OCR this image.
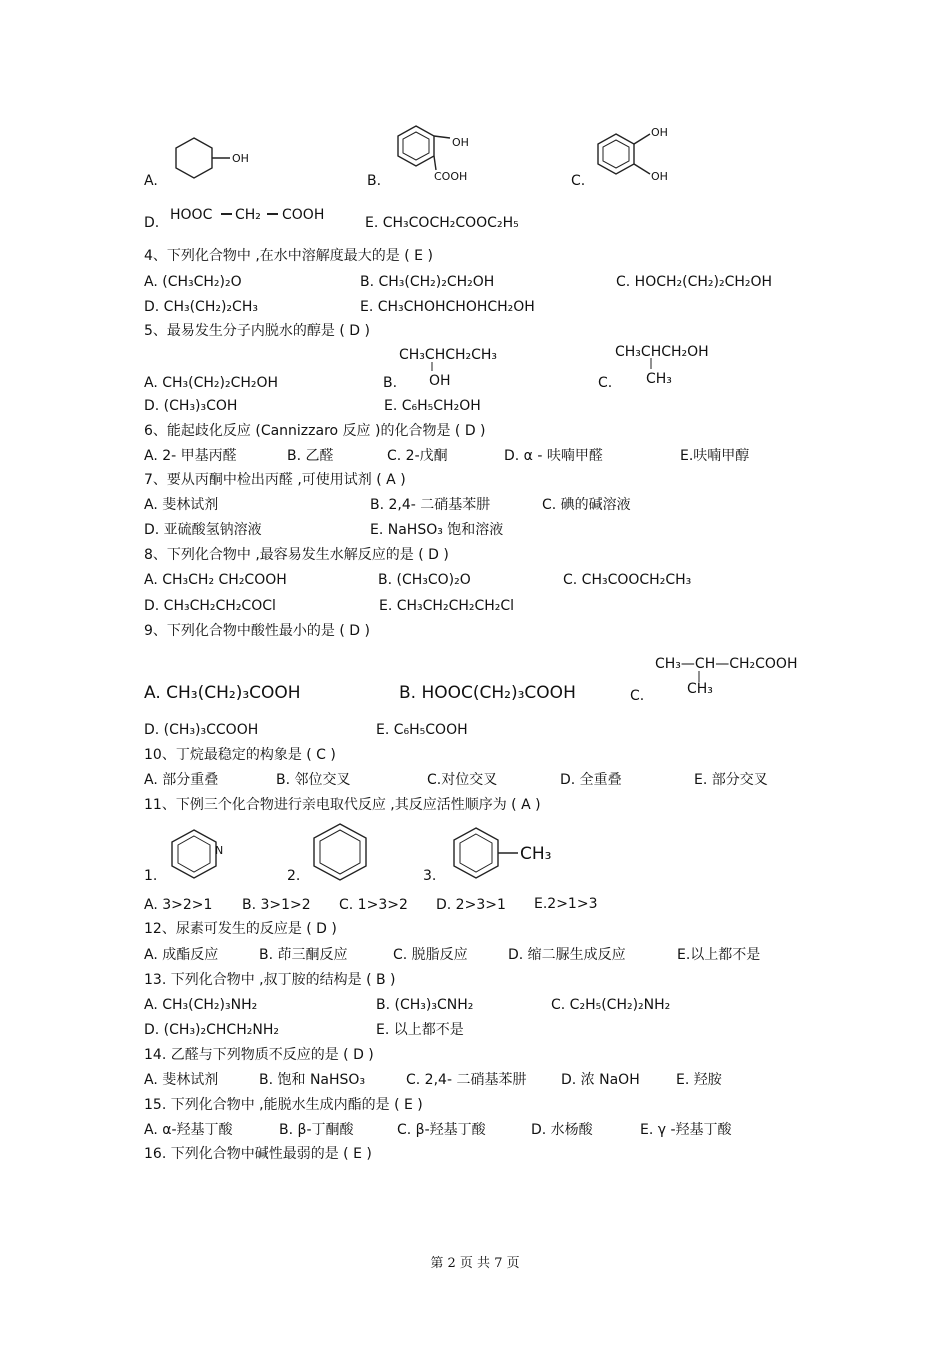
A.
OH
B.
OH
COOH	C.
OH
OH
D. HOOC CH₂ COOH	E. CH₃COCH₂COOC₂H₅
4、下列化合物中 ,在水中溶解度最大的是 ( E )
A. (CH₃CH₂)₂O	B. CH₃(CH₂)₂CH₂OH	C. HOCH₂(CH₂)₂CH₂OH
D. CH₃(CH₂)₂CH₃	E. CH₃CHOHCHOHCH₂OH
5、最易发生分子内脱水的醇是 ( D )
CH₃CHCH₂CH₃
OH
CH₃CHCH₂OH
CH₃
A. CH₃(CH₂)₂CH₂OH	B.	C.
D. (CH₃)₃COH	E. C₆H₅CH₂OH
6、能起歧化反应 (Cannizzaro 反应 )的化合物是 ( D )
A. 2- 甲基丙醛	B. 乙醛	C. 2-戊酮	D. α - 呋喃甲醛	E.呋喃甲醇
7、要从丙酮中检出丙醛 ,可使用试剂 ( A )
A. 斐林试剂	B. 2,4- 二硝基苯肼	C. 碘的碱溶液
D. 亚硫酸氢钠溶液	E. NaHSO₃ 饱和溶液
8、下列化合物中 ,最容易发生水解反应的是 ( D )
A. CH₃CH₂ CH₂COOH	B. (CH₃CO)₂O	C. CH₃COOCH₂CH₃
D. CH₃CH₂CH₂COCl	E. CH₃CH₂CH₂CH₂Cl
9、下列化合物中酸性最小的是 ( D )
CH₃—CH—CH₂COOH
CH₃
A. CH₃(CH₂)₃COOH	B. HOOC(CH₂)₃COOH	C.
D. (CH₃)₃CCOOH	E. C₆H₅COOH
10、丁烷最稳定的构象是 ( C )
A. 部分重叠	B. 邻位交叉	C.对位交叉	D. 全重叠	E. 部分交叉
11、下例三个化合物进行亲电取代反应 ,其反应活性顺序为 ( A )
1.
N
2.	3.
CH₃
A. 3>2>1 B. 3>1>2 C. 1>3>2 D. 2>3>1 E.2>1>3
12、尿素可发生的反应是 ( D )
A. 成酯反应	B. 茚三酮反应	C. 脱脂反应	D. 缩二脲生成反应	E.以上都不是
13. 下列化合物中 ,叔丁胺的结构是 ( B )
A. CH₃(CH₂)₃NH₂	B. (CH₃)₃CNH₂	C. C₂H₅(CH₂)₂NH₂
D. (CH₃)₂CHCH₂NH₂	E. 以上都不是
14. 乙醛与下列物质不反应的是 ( D )
A. 斐林试剂	B. 饱和 NaHSO₃	C. 2,4- 二硝基苯肼 D. 浓 NaOH	E. 羟胺
15. 下列化合物中 ,能脱水生成内酯的是 ( E )
A. α-羟基丁酸	B. β-丁酮酸	C. β-羟基丁酸	D. 水杨酸	E. γ -羟基丁酸
16. 下列化合物中碱性最弱的是 ( E )
第 2 页 共 7 页
